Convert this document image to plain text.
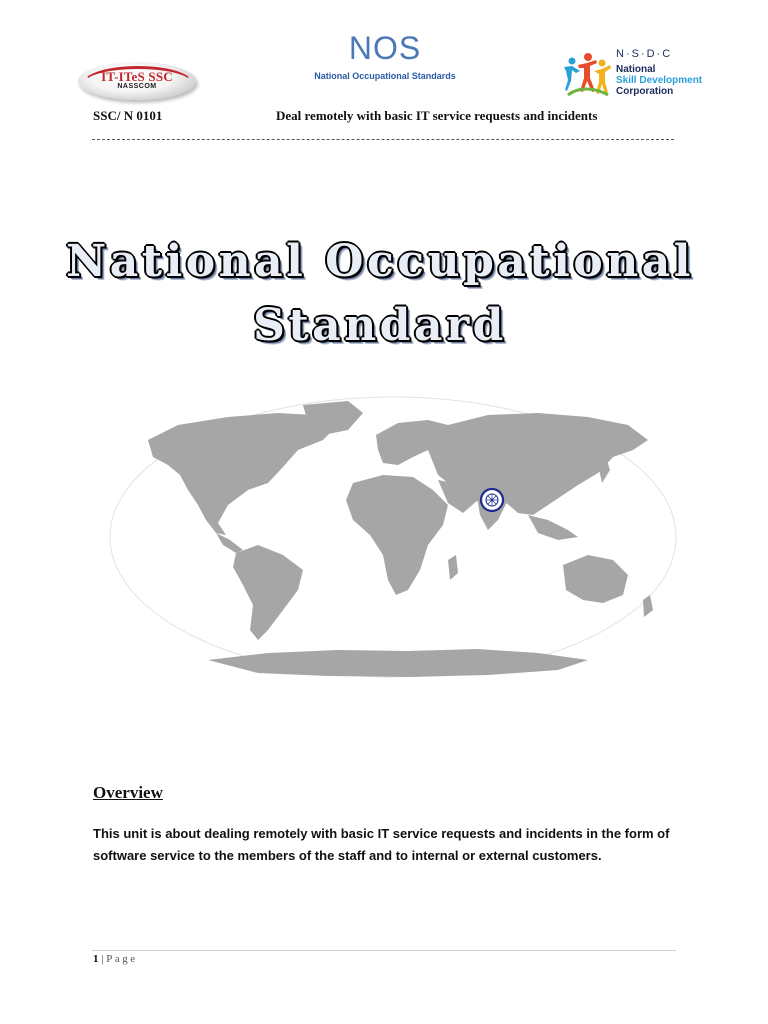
IT-ITeS SSC
NASSCOM
NOS
National Occupational Standards
N·S·D·C
National
Skill Development
Corporation
SSC/ N 0101	Deal remotely with basic IT service requests and incidents
National Occupational
Standard
Overview
This unit is about dealing remotely with basic IT service requests and incidents in the form of software service to the members of the staff and to internal or external customers.
1 | Page
